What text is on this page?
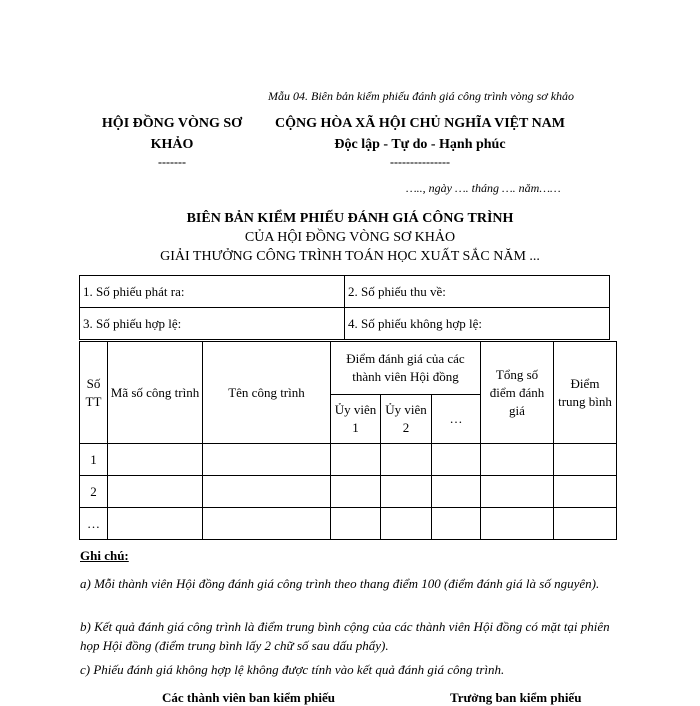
Mẫu 04. Biên bản kiểm phiếu đánh giá công trình vòng sơ khảo
HỘI ĐỒNG VÒNG SƠ
KHẢO
-------
CỘNG HÒA XÃ HỘI CHỦ NGHĨA VIỆT NAM
Độc lập - Tự do - Hạnh phúc
---------------
….., ngày …. tháng …. năm……
BIÊN BẢN KIỂM PHIẾU ĐÁNH GIÁ CÔNG TRÌNH
CỦA HỘI ĐỒNG VÒNG SƠ KHẢO
GIẢI THƯỞNG CÔNG TRÌNH TOÁN HỌC XUẤT SẮC NĂM ...
1. Số phiếu phát ra:	2. Số phiếu thu về:
3. Số phiếu hợp lệ:	4. Số phiếu không hợp lệ:
Số TT	Mã số công trình	Tên công trình	Điểm đánh giá của các thành viên Hội đồng			Tổng số điểm đánh giá	Điểm trung bình
			Ủy viên 1	Ủy viên 2	…		
1							
2							
…							
Ghi chú:
a) Mỗi thành viên Hội đồng đánh giá công trình theo thang điểm 100 (điểm đánh giá là số nguyên).
b) Kết quả đánh giá công trình là điểm trung bình cộng của các thành viên Hội đồng có mặt tại phiên họp Hội đồng (điểm trung bình lấy 2 chữ số sau dấu phẩy).
c) Phiếu đánh giá không hợp lệ không được tính vào kết quả đánh giá công trình.
Các thành viên ban kiểm phiếu	Trưởng ban kiểm phiếu
